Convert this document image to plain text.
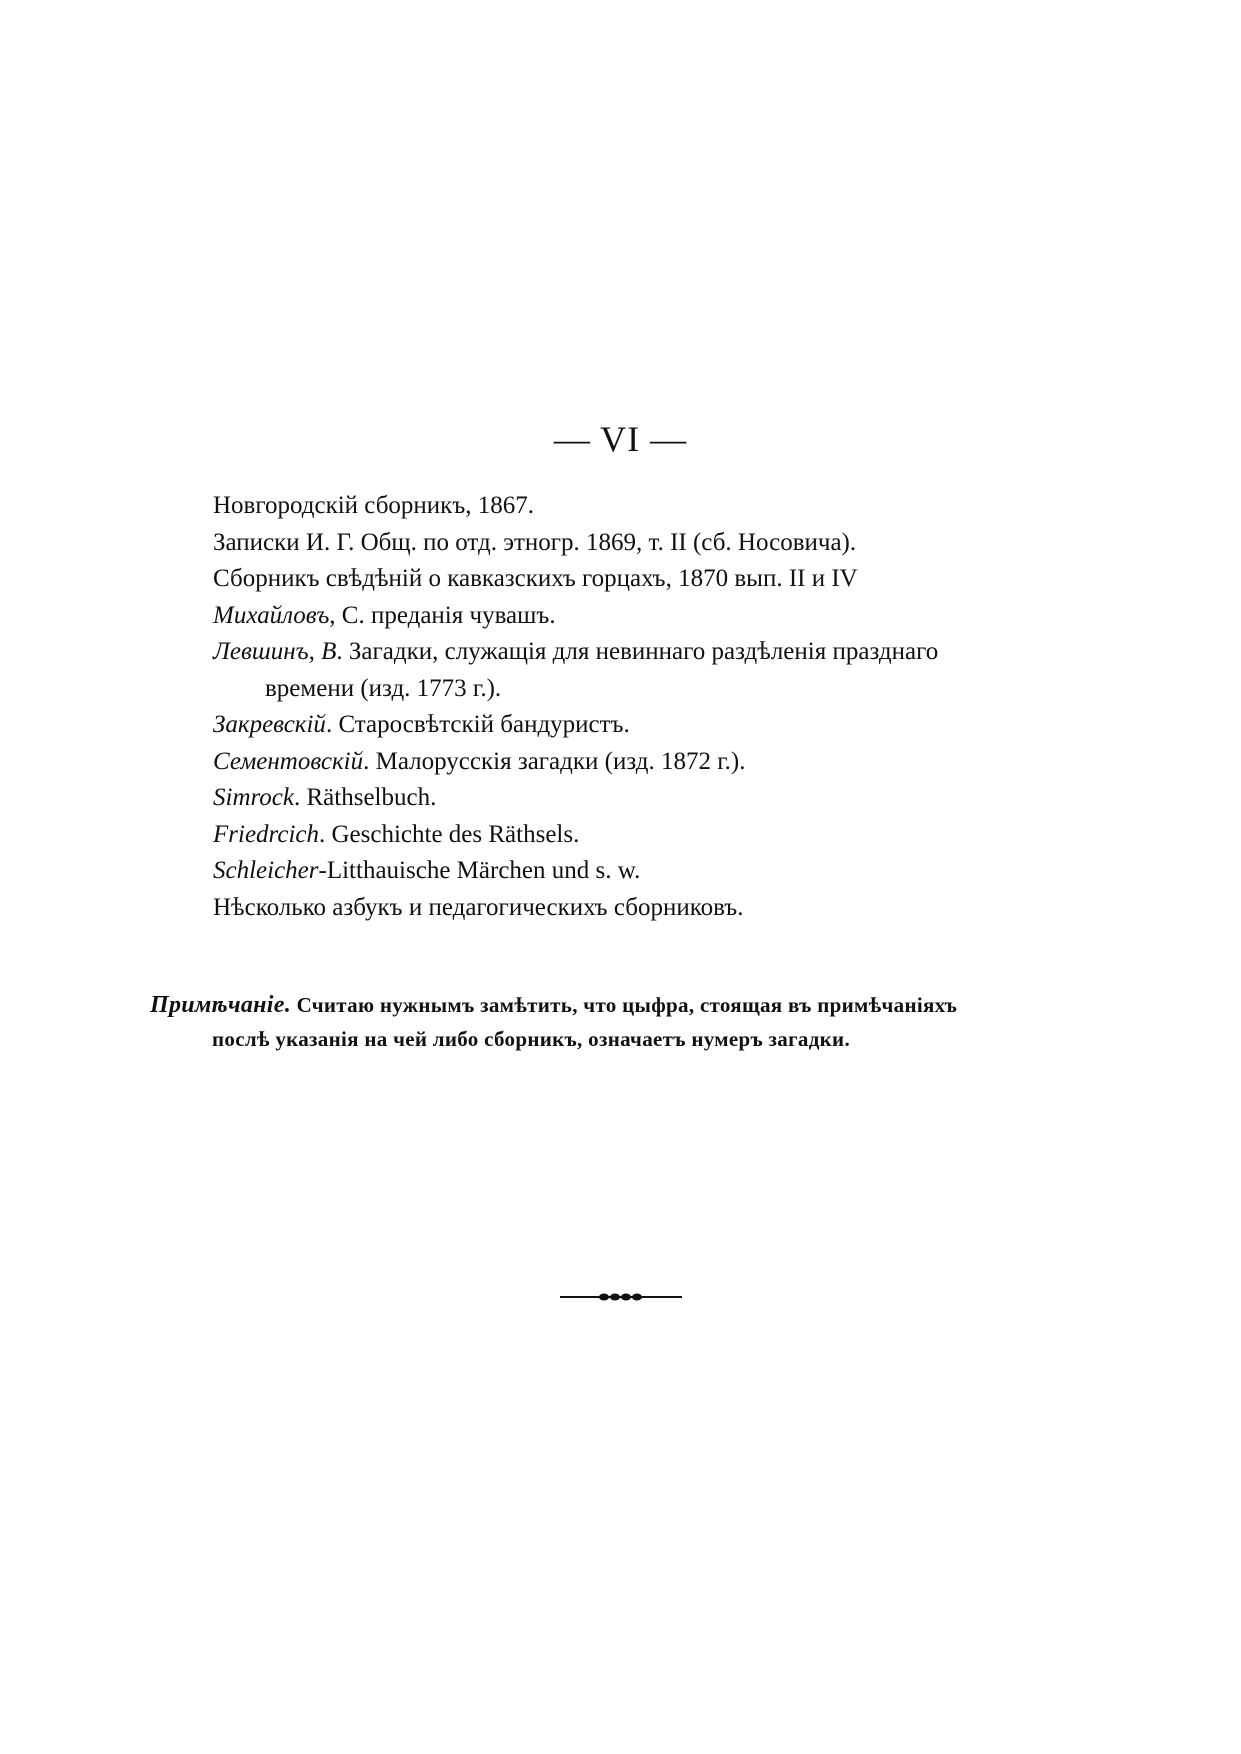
— VI —
Новгородскій сборникъ, 1867.
Записки И. Г. Общ. по отд. этногр. 1869, т. II (сб. Носовича).
Сборникъ свѣдѣній о кавказскихъ горцахъ, 1870 вып. II и IV
Михайловъ, С. преданія чувашъ.
Левшинъ, В. Загадки, служащія для невиннаго раздѣленія празднаго
времени (изд. 1773 г.).
Закревскій. Старосвѣтскій бандуристъ.
Сементовскій. Малорусскія загадки (изд. 1872 г.).
Simrock. Räthselbuch.
Friedrcich. Geschichte des Räthsels.
Schleicher-Litthauische Märchen und s. w.
Нѣсколько азбукъ и педагогическихъ сборниковъ.
Примѣчаніе. Считаю нужнымъ замѣтить, что цыфра, стоящая въ примѣчаніяхъ
послѣ указанія на чей либо сборникъ, означаетъ нумеръ загадки.
